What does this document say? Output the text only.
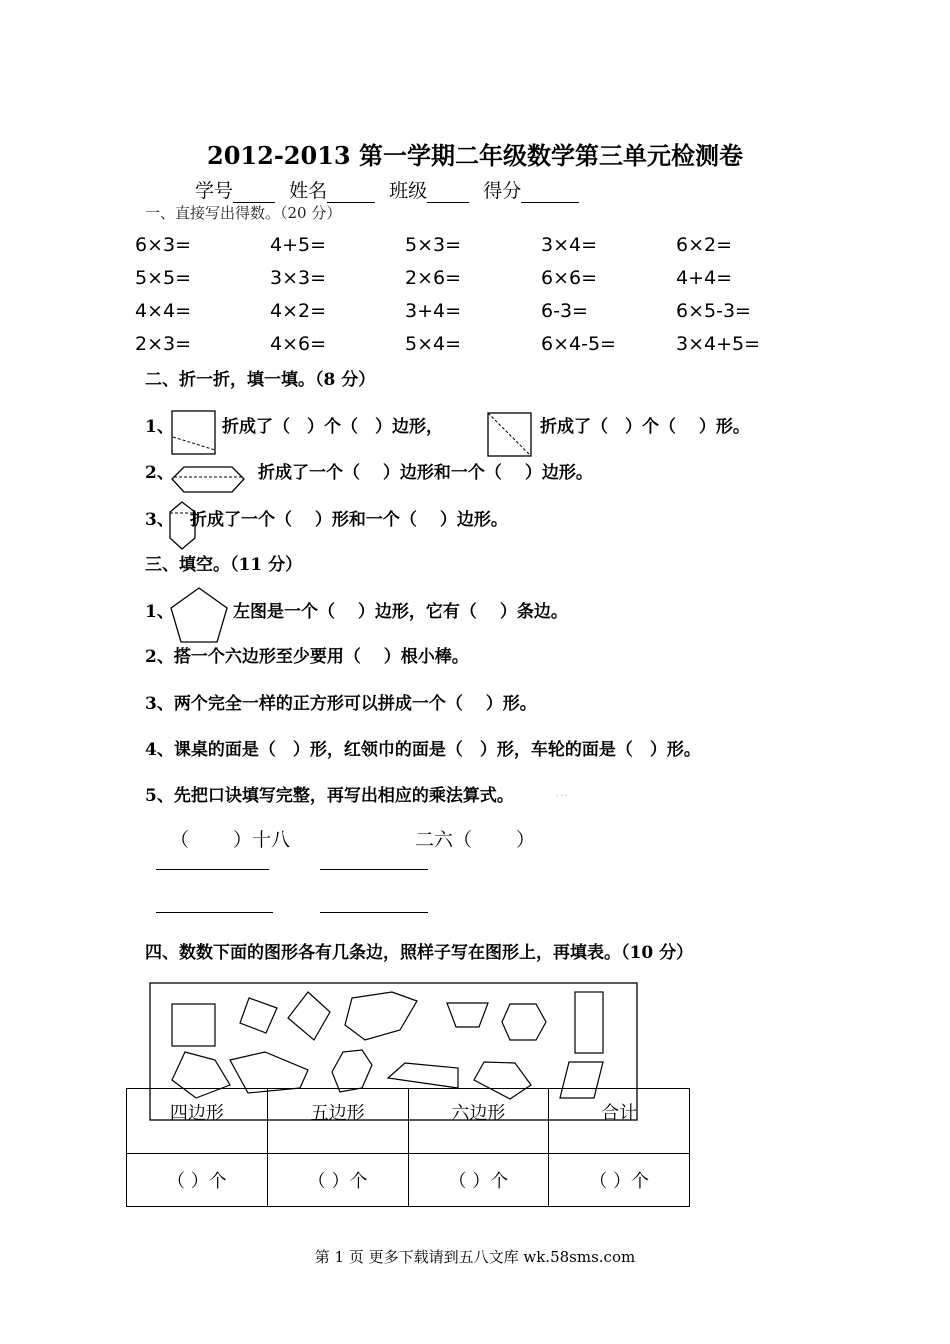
2012-2013 第一学期二年级数学第三单元检测卷
学号	姓名	班级	得分
一、直接写出得数。（20 分）
6×3=	4+5=	5×3=	3×4=	6×2=
5×5=	3×3=	2×6=	6×6=	4+4=
4×4=	4×2=	3+4=	6-3=	6×5-3=
2×3=	4×6=	5×4=	6×4-5=	3×4+5=
二、折一折，填一填。（8 分）
1、	折成了（　）个（　）边形，	折成了（　）个（　 ）形。
2、	折成了一个（　 ）边形和一个（　 ）边形。
3、 折成了一个（　 ）形和一个（　 ）边形。
三、填空。（11 分）
1、	左图是一个（　 ）边形，它有（　 ）条边。
2、搭一个六边形至少要用（　 ）根小棒。
3、两个完全一样的正方形可以拼成一个（　 ）形。
4、课桌的面是（　）形，红领巾的面是（　）形，车轮的面是（　）形。
5、先把口诀填写完整，再写出相应的乘法算式。	...
（　　 ）十八	二六（　　 ）
四、数数下面的图形各有几条边，照样子写在图形上，再填表。（10 分）
四边形	五边形	六边形	合计
（ ）个	（ ）个	（ ）个	（ ）个
第 1 页 更多下载请到五八文库 wk.58sms.com
